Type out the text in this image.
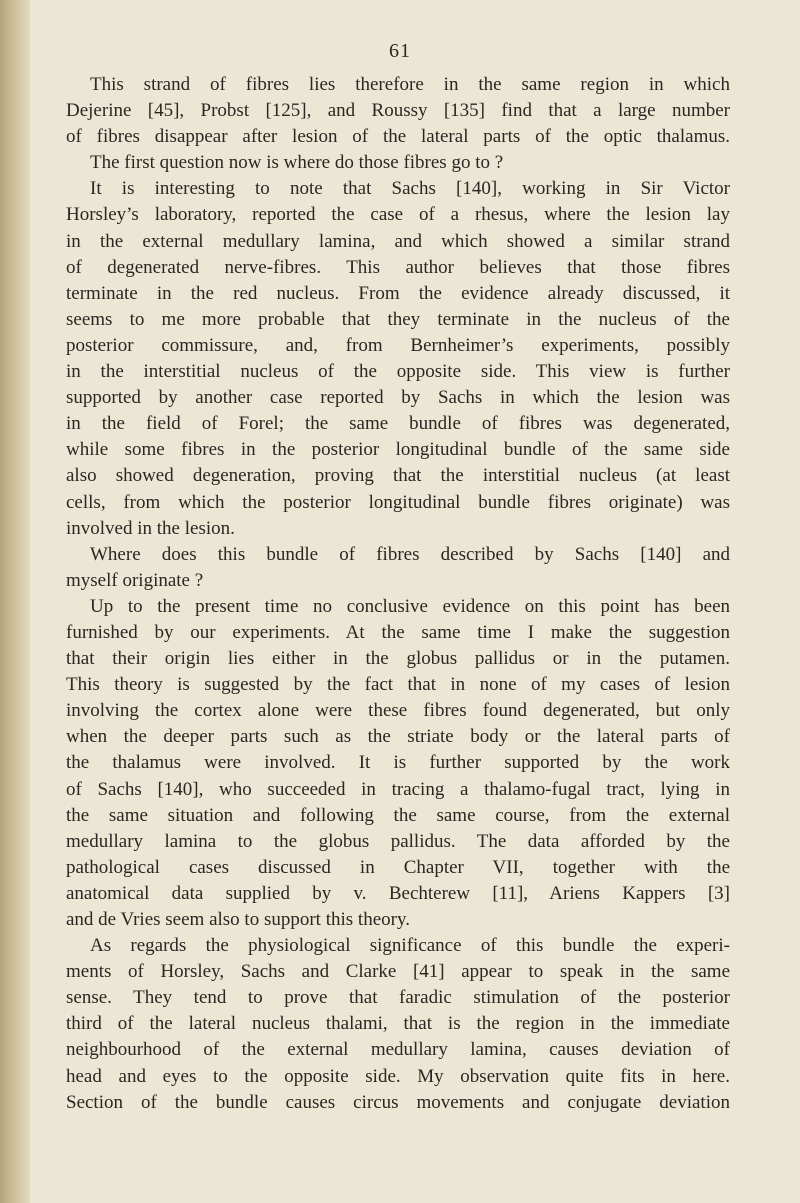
61
This strand of fibres lies therefore in the same region in which
Dejerine [45], Probst [125], and Roussy [135] find that a large number
of fibres disappear after lesion of the lateral parts of the optic thalamus.
The first question now is where do those fibres go to ?
It is interesting to note that Sachs [140], working in Sir Victor
Horsley’s laboratory, reported the case of a rhesus, where the lesion lay
in the external medullary lamina, and which showed a similar strand
of degenerated nerve-fibres. This author believes that those fibres
terminate in the red nucleus. From the evidence already discussed, it
seems to me more probable that they terminate in the nucleus of the
posterior commissure, and, from Bernheimer’s experiments, possibly
in the interstitial nucleus of the opposite side. This view is further
supported by another case reported by Sachs in which the lesion was
in the field of Forel; the same bundle of fibres was degenerated,
while some fibres in the posterior longitudinal bundle of the same side
also showed degeneration, proving that the interstitial nucleus (at least
cells, from which the posterior longitudinal bundle fibres originate) was
involved in the lesion.
Where does this bundle of fibres described by Sachs [140] and
myself originate ?
Up to the present time no conclusive evidence on this point has been
furnished by our experiments. At the same time I make the suggestion
that their origin lies either in the globus pallidus or in the putamen.
This theory is suggested by the fact that in none of my cases of lesion
involving the cortex alone were these fibres found degenerated, but only
when the deeper parts such as the striate body or the lateral parts of
the thalamus were involved. It is further supported by the work
of Sachs [140], who succeeded in tracing a thalamo-fugal tract, lying in
the same situation and following the same course, from the external
medullary lamina to the globus pallidus. The data afforded by the
pathological cases discussed in Chapter VII, together with the
anatomical data supplied by v. Bechterew [11], Ariens Kappers [3]
and de Vries seem also to support this theory.
As regards the physiological significance of this bundle the experi-
ments of Horsley, Sachs and Clarke [41] appear to speak in the same
sense. They tend to prove that faradic stimulation of the posterior
third of the lateral nucleus thalami, that is the region in the immediate
neighbourhood of the external medullary lamina, causes deviation of
head and eyes to the opposite side. My observation quite fits in here.
Section of the bundle causes circus movements and conjugate deviation
